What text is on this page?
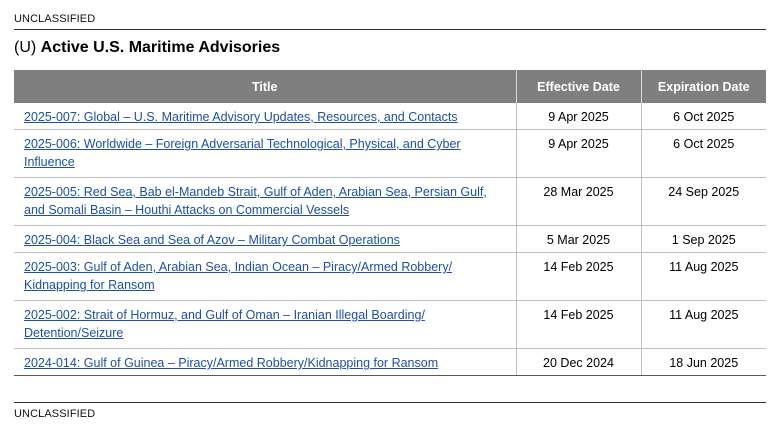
UNCLASSIFIED
(U) Active U.S. Maritime Advisories
Title	Effective Date	Expiration Date
2025-007: Global – U.S. Maritime Advisory Updates, Resources, and Contacts	9 Apr 2025	6 Oct 2025
2025-006: Worldwide – Foreign Adversarial Technological, Physical, and Cyber Influence	9 Apr 2025	6 Oct 2025
2025-005: Red Sea, Bab el-Mandeb Strait, Gulf of Aden, Arabian Sea, Persian Gulf, and Somali Basin – Houthi Attacks on Commercial Vessels	28 Mar 2025	24 Sep 2025
2025-004: Black Sea and Sea of Azov – Military Combat Operations	5 Mar 2025	1 Sep 2025
2025-003: Gulf of Aden, Arabian Sea, Indian Ocean – Piracy/Armed Robbery/ Kidnapping for Ransom	14 Feb 2025	11 Aug 2025
2025-002: Strait of Hormuz, and Gulf of Oman – Iranian Illegal Boarding/ Detention/Seizure	14 Feb 2025	11 Aug 2025
2024-014: Gulf of Guinea – Piracy/Armed Robbery/Kidnapping for Ransom	20 Dec 2024	18 Jun 2025
UNCLASSIFIED
